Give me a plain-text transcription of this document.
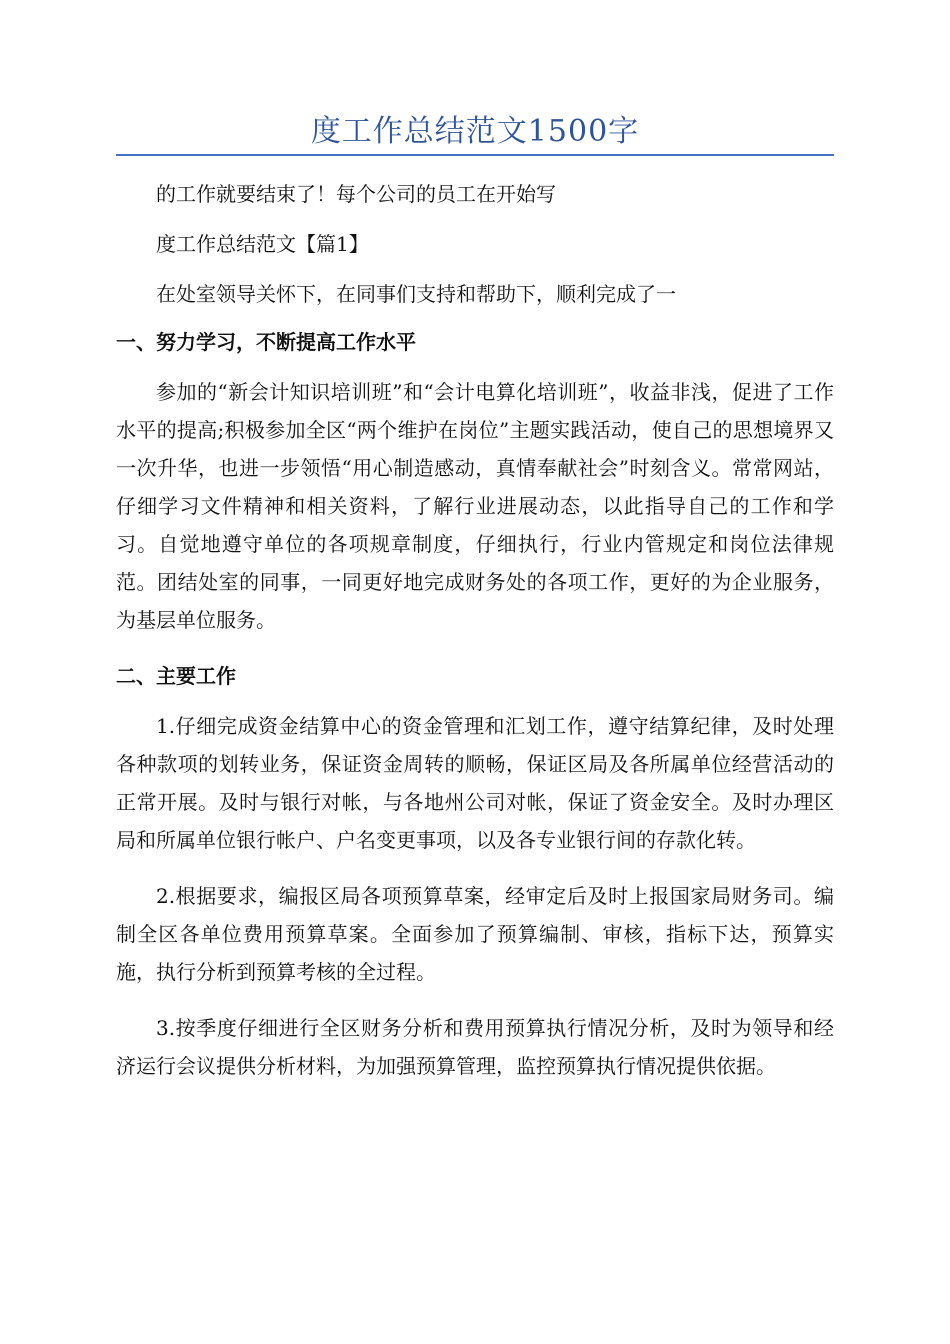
度工作总结范文1500字

的工作就要结束了！每个公司的员工在开始写

度工作总结范文【篇1】

在处室领导关怀下，在同事们支持和帮助下，顺利完成了一

一、努力学习，不断提高工作水平

参加的“新会计知识培训班”和“会计电算化培训班”，收益非浅，促进了工作水平的提高;积极参加全区“两个维护在岗位”主题实践活动，使自己的思想境界又一次升华，也进一步领悟“用心制造感动，真情奉献社会”时刻含义。常常网站，仔细学习文件精神和相关资料，了解行业进展动态，以此指导自己的工作和学习。自觉地遵守单位的各项规章制度，仔细执行，行业内管规定和岗位法律规范。团结处室的同事，一同更好地完成财务处的各项工作，更好的为企业服务，为基层单位服务。

二、主要工作

1.仔细完成资金结算中心的资金管理和汇划工作，遵守结算纪律，及时处理各种款项的划转业务，保证资金周转的顺畅，保证区局及各所属单位经营活动的正常开展。及时与银行对帐，与各地州公司对帐，保证了资金安全。及时办理区局和所属单位银行帐户、户名变更事项，以及各专业银行间的存款化转。

2.根据要求，编报区局各项预算草案，经审定后及时上报国家局财务司。编制全区各单位费用预算草案。全面参加了预算编制、审核，指标下达，预算实施，执行分析到预算考核的全过程。

3.按季度仔细进行全区财务分析和费用预算执行情况分析，及时为领导和经济运行会议提供分析材料，为加强预算管理，监控预算执行情况提供依据。
